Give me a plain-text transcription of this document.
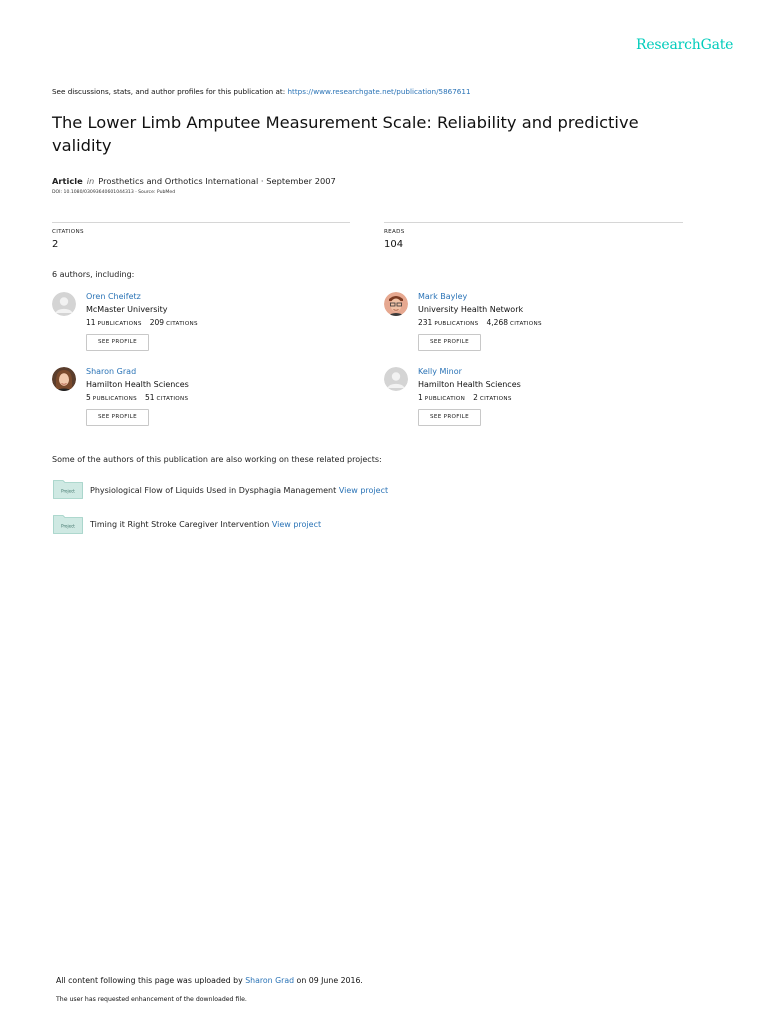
ResearchGate
See discussions, stats, and author profiles for this publication at: https://www.researchgate.net/publication/5867611
The Lower Limb Amputee Measurement Scale: Reliability and predictive validity
Article in Prosthetics and Orthotics International · September 2007
DOI: 10.1080/03093640601044313 · Source: PubMed
CITATIONS
2
READS
104
6 authors, including:
Oren Cheifetz
McMaster University
11 PUBLICATIONS 209 CITATIONS
SEE PROFILE
Mark Bayley
University Health Network
231 PUBLICATIONS 4,268 CITATIONS
SEE PROFILE
Sharon Grad
Hamilton Health Sciences
5 PUBLICATIONS 51 CITATIONS
SEE PROFILE
Kelly Minor
Hamilton Health Sciences
1 PUBLICATION 2 CITATIONS
SEE PROFILE
Some of the authors of this publication are also working on these related projects:
Project Physiological Flow of Liquids Used in Dysphagia Management View project
Project Timing it Right Stroke Caregiver Intervention View project
All content following this page was uploaded by Sharon Grad on 09 June 2016.
The user has requested enhancement of the downloaded file.
